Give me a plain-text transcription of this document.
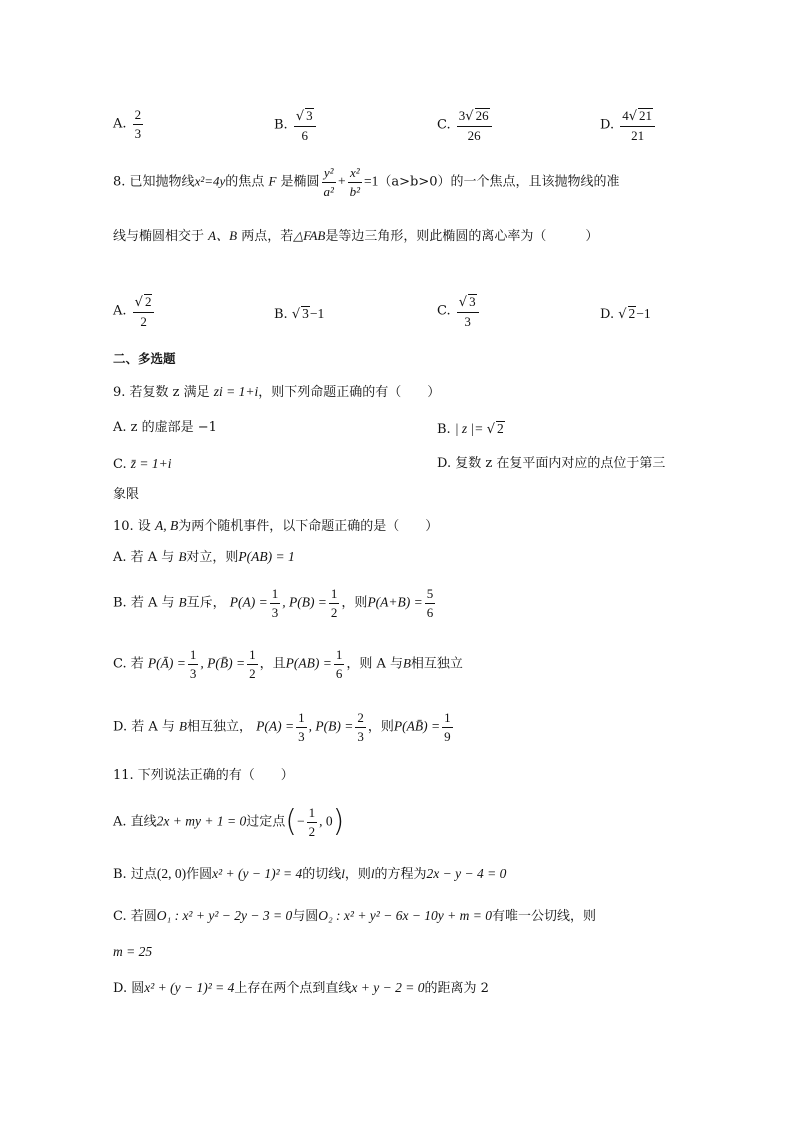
A. $\frac{2}{3}$	B. $\frac{√ 3}{6}$	C. $\frac{3√ 26}{26}$	D. $\frac{4√ 21}{21}$
8. 已知抛物线x²=4y的焦点 F 是椭圆 $\frac{\text{y²}}{\text{a²}} + \frac{\text{x²}}{\text{b²}} =1(a>b>0)$的一个焦点，且该抛物线的准
线与椭圆相交于 A、B 两点，若△FAB是等边三角形，则此椭圆的离心率为（　　　）
A. $\frac{√ 2}{2}$	B. √ 3−1	C. $\frac{√ 3}{3}$	D. √ 2−1
二、多选题
9. 若复数 z 满足 zi = 1+i，则下列命题正确的有（　　）
A. z 的虚部是 −1	B. | z |= √ 2
C. z̄ = 1+i	D. 复数 z 在复平面内对应的点位于第三
象限
10. 设 A, B为两个随机事件，以下命题正确的是（　　）
A. 若 A 与 B对立，则P(AB) = 1
B. 若 A 与 B互斥， $P(A) = \frac{1}{3}$ , $P(B) = \frac{1}{2}$ ，则$P(A+B) = \frac{5}{6}$
C. 若 P(Ā) = $\frac{1}{3}$ , P(B̄) = $\frac{1}{2}$ ，且$P(AB) = \frac{1}{6}$ ，则 A 与B相互独立
D. 若 A 与 B相互独立， $P(A) = \frac{1}{3}$ , $P(B) = \frac{2}{3}$ ，则P(AB̄) = $\frac{1}{9}$
11. 下列说法正确的有（　　）
A. 直线2x + my + 1 = 0过定点(− $\frac{1}{2}$ , 0)
B. 过点(2, 0)作圆x² + (y − 1)² = 4的切线l，则l的方程为2x − y − 4 = 0
C. 若圆O₁ : x² + y² − 2y − 3 = 0与圆O₂ : x² + y² − 6x − 10y + m = 0有唯一公切线，则
m = 25
D. 圆x² + (y − 1)² = 4上存在两个点到直线x + y − 2 = 0的距离为 2
